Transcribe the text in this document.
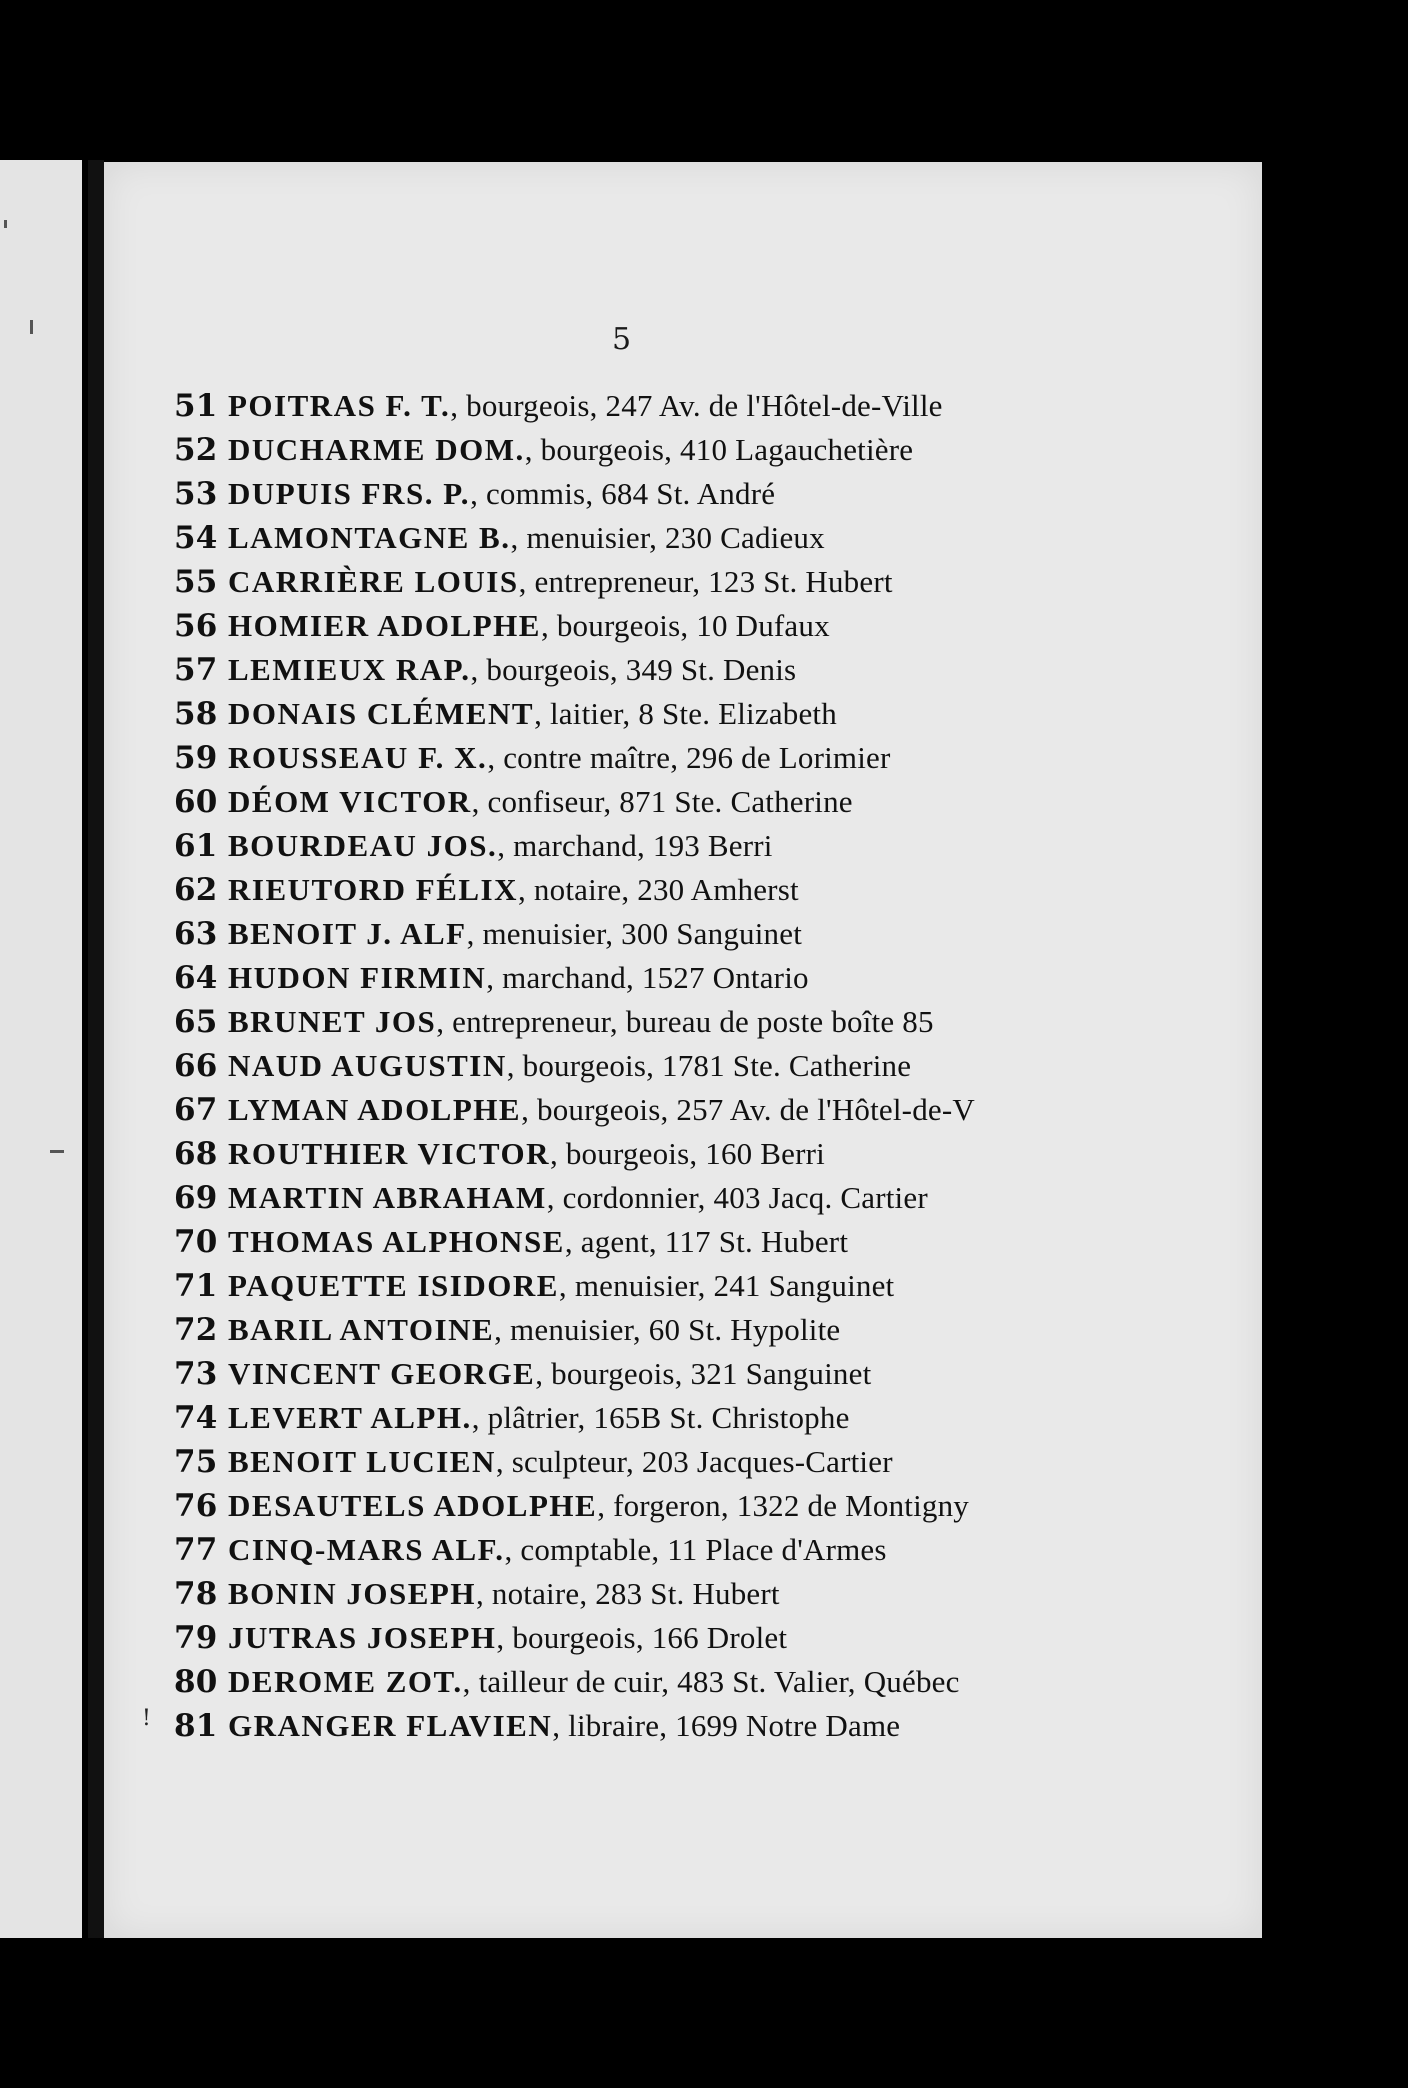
5
51 POITRAS F. T., bourgeois, 247 Av. de l'Hôtel-de-Ville
52 DUCHARME DOM., bourgeois, 410 Lagauchetière
53 DUPUIS FRS. P., commis, 684 St. André
54 LAMONTAGNE B., menuisier, 230 Cadieux
55 CARRIÈRE LOUIS, entrepreneur, 123 St. Hubert
56 HOMIER ADOLPHE, bourgeois, 10 Dufaux
57 LEMIEUX RAP., bourgeois, 349 St. Denis
58 DONAIS CLÉMENT, laitier, 8 Ste. Elizabeth
59 ROUSSEAU F. X., contre maître, 296 de Lorimier
60 DÉOM VICTOR, confiseur, 871 Ste. Catherine
61 BOURDEAU JOS., marchand, 193 Berri
62 RIEUTORD FÉLIX, notaire, 230 Amherst
63 BENOIT J. ALF, menuisier, 300 Sanguinet
64 HUDON FIRMIN, marchand, 1527 Ontario
65 BRUNET JOS, entrepreneur, bureau de poste boîte 85
66 NAUD AUGUSTIN, bourgeois, 1781 Ste. Catherine
67 LYMAN ADOLPHE, bourgeois, 257 Av. de l'Hôtel-de-V
68 ROUTHIER VICTOR, bourgeois, 160 Berri
69 MARTIN ABRAHAM, cordonnier, 403 Jacq. Cartier
70 THOMAS ALPHONSE, agent, 117 St. Hubert
71 PAQUETTE ISIDORE, menuisier, 241 Sanguinet
72 BARIL ANTOINE, menuisier, 60 St. Hypolite
73 VINCENT GEORGE, bourgeois, 321 Sanguinet
74 LEVERT ALPH., plâtrier, 165B St. Christophe
75 BENOIT LUCIEN, sculpteur, 203 Jacques-Cartier
76 DESAUTELS ADOLPHE, forgeron, 1322 de Montigny
77 CINQ-MARS ALF., comptable, 11 Place d'Armes
78 BONIN JOSEPH, notaire, 283 St. Hubert
79 JUTRAS JOSEPH, bourgeois, 166 Drolet
80 DEROME ZOT., tailleur de cuir, 483 St. Valier, Québec
81 GRANGER FLAVIEN, libraire, 1699 Notre Dame
!
